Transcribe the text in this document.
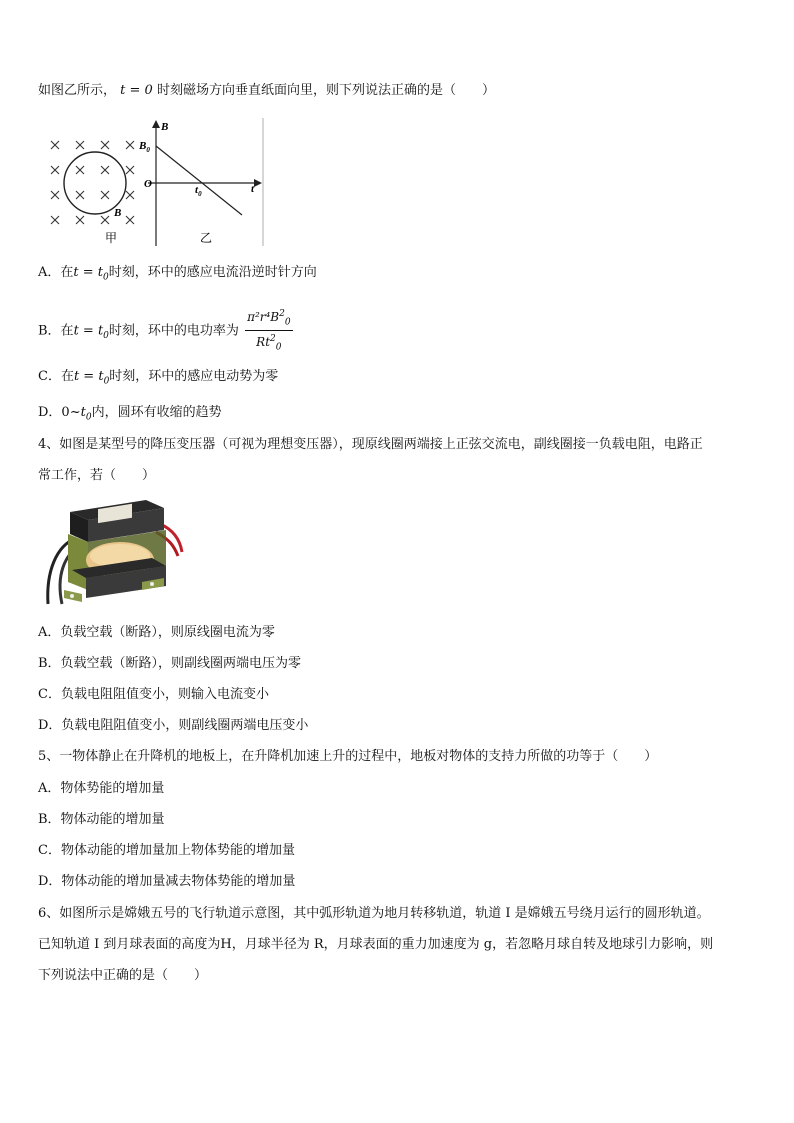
如图乙所示， t = 0 时刻磁场方向垂直纸面向里，则下列说法正确的是（　　）
B
甲
B
$B_0$
O	$t_0$	t
乙
A．在$t = t_0$时刻，环中的感应电流沿逆时针方向
B．在$t = t_0$时刻，环中的电功率为 $\frac{\pi^2r^4B^2_0}{Rt^2_0}$
C．在$t = t_0$时刻，环中的感应电动势为零
D．$0\sim t_0$内，圆环有收缩的趋势
4、如图是某型号的降压变压器（可视为理想变压器），现原线圈两端接上正弦交流电，副线圈接一负载电阻，电路正
常工作，若（　　）
A．负载空载（断路），则原线圈电流为零
B．负载空载（断路），则副线圈两端电压为零
C．负载电阻阻值变小，则输入电流变小
D．负载电阻阻值变小，则副线圈两端电压变小
5、一物体静止在升降机的地板上，在升降机加速上升的过程中，地板对物体的支持力所做的功等于（　　）
A．物体势能的增加量
B．物体动能的增加量
C．物体动能的增加量加上物体势能的增加量
D．物体动能的增加量减去物体势能的增加量
6、如图所示是嫦娥五号的飞行轨道示意图，其中弧形轨道为地月转移轨道，轨道 I 是嫦娥五号绕月运行的圆形轨道。
已知轨道 I 到月球表面的高度为H，月球半径为 R，月球表面的重力加速度为 g，若忽略月球自转及地球引力影响，则
下列说法中正确的是（　　）
